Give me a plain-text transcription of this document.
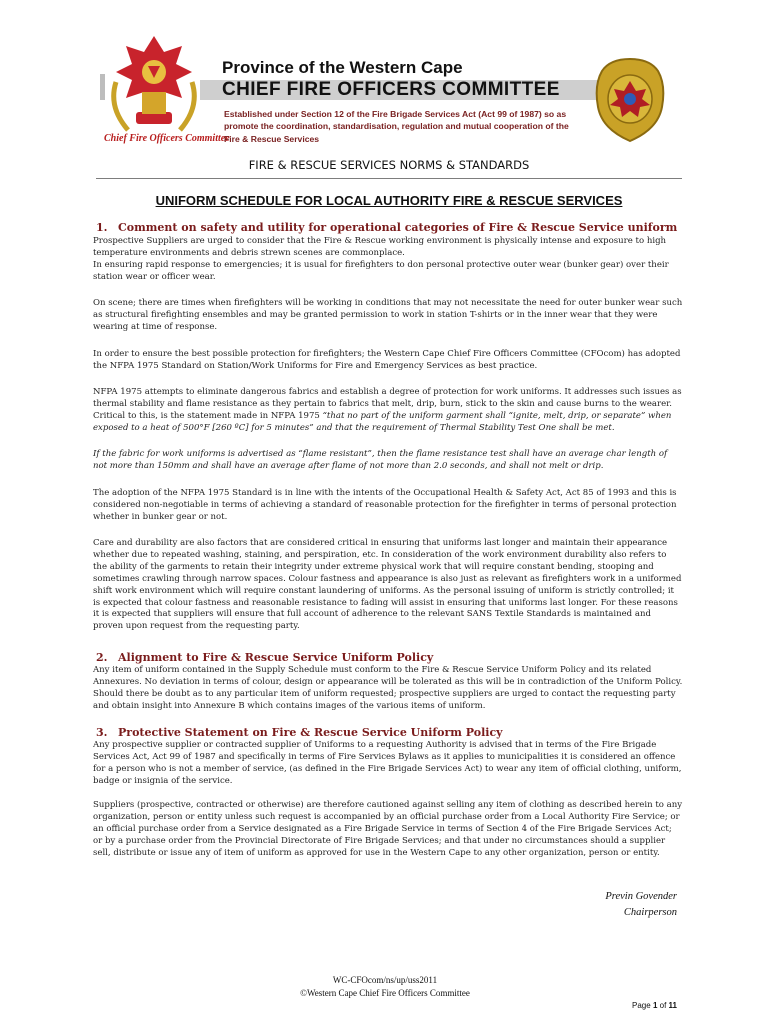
Chief Fire Officers Committee
Province of the Western Cape
CHIEF FIRE OFFICERS COMMITTEE
Established under Section 12 of the Fire Brigade Services Act (Act 99 of 1987) so as
promote the coordination, standardisation, regulation and mutual cooperation of the
Fire & Rescue Services
FIRE & RESCUE SERVICES NORMS & STANDARDS
UNIFORM SCHEDULE FOR LOCAL AUTHORITY FIRE & RESCUE SERVICES
1. Comment on safety and utility for operational categories of Fire & Rescue Service uniform

Prospective Suppliers are urged to consider that the Fire & Rescue working environment is physically intense and exposure to high temperature environments and debris strewn scenes are commonplace.

In ensuring rapid response to emergencies; it is usual for firefighters to don personal protective outer wear (bunker gear) over their station wear or officer wear.

On scene; there are times when firefighters will be working in conditions that may not necessitate the need for outer bunker wear such as structural firefighting ensembles and may be granted permission to work in station T-shirts or in the inner wear that they were wearing at time of response.

In order to ensure the best possible protection for firefighters; the Western Cape Chief Fire Officers Committee (CFOcom) has adopted the NFPA 1975 Standard on Station/Work Uniforms for Fire and Emergency Services as best practice.

NFPA 1975 attempts to eliminate dangerous fabrics and establish a degree of protection for work uniforms. It addresses such issues as thermal stability and flame resistance as they pertain to fabrics that melt, drip, burn, stick to the skin and cause burns to the wearer. Critical to this, is the statement made in NFPA 1975 “that no part of the uniform garment shall “ignite, melt, drip, or separate” when exposed to a heat of 500°F [260 ºC] for 5 minutes” and that the requirement of Thermal Stability Test One shall be met.

If the fabric for work uniforms is advertised as “flame resistant”, then the flame resistance test shall have an average char length of not more than 150mm and shall have an average after flame of not more than 2.0 seconds, and shall not melt or drip.

The adoption of the NFPA 1975 Standard is in line with the intents of the Occupational Health & Safety Act, Act 85 of 1993 and this is considered non-negotiable in terms of achieving a standard of reasonable protection for the firefighter in terms of personal protection whether in bunker gear or not.

Care and durability are also factors that are considered critical in ensuring that uniforms last longer and maintain their appearance whether due to repeated washing, staining, and perspiration, etc. In consideration of the work environment durability also refers to the ability of the garments to retain their integrity under extreme physical work that will require constant bending, stooping and sometimes crawling through narrow spaces. Colour fastness and appearance is also just as relevant as firefighters work in a uniformed shift work environment which will require constant laundering of uniforms. As the personal issuing of uniform is strictly controlled; it is expected that colour fastness and reasonable resistance to fading will assist in ensuring that uniforms last longer. For these reasons it is expected that suppliers will ensure that full account of adherence to the relevant SANS Textile Standards is maintained and proven upon request from the requesting party.

2. Alignment to Fire & Rescue Service Uniform Policy

Any item of uniform contained in the Supply Schedule must conform to the Fire & Rescue Service Uniform Policy and its related Annexures. No deviation in terms of colour, design or appearance will be tolerated as this will be in contradiction of the Uniform Policy. Should there be doubt as to any particular item of uniform requested; prospective suppliers are urged to contact the requesting party and obtain insight into Annexure B which contains images of the various items of uniform.

3. Protective Statement on Fire & Rescue Service Uniform Policy

Any prospective supplier or contracted supplier of Uniforms to a requesting Authority is advised that in terms of the Fire Brigade Services Act, Act 99 of 1987 and specifically in terms of Fire Services Bylaws as it applies to municipalities it is considered an offence for a person who is not a member of service, (as defined in the Fire Brigade Services Act) to wear any item of official clothing, uniform, badge or insignia of the service.

Suppliers (prospective, contracted or otherwise) are therefore cautioned against selling any item of clothing as described herein to any organization, person or entity unless such request is accompanied by an official purchase order from a Local Authority Fire Service; or an official purchase order from a Service designated as a Fire Brigade Service in terms of Section 4 of the Fire Brigade Services Act; or by a purchase order from the Provincial Directorate of Fire Brigade Services; and that under no circumstances should a supplier sell, distribute or issue any of item of uniform as approved for use in the Western Cape to any other organization, person or entity.

Previn Govender
Chairperson
WC-CFOcom/ns/up/uss2011
©Western Cape Chief Fire Officers Committee
Page 1 of 11
